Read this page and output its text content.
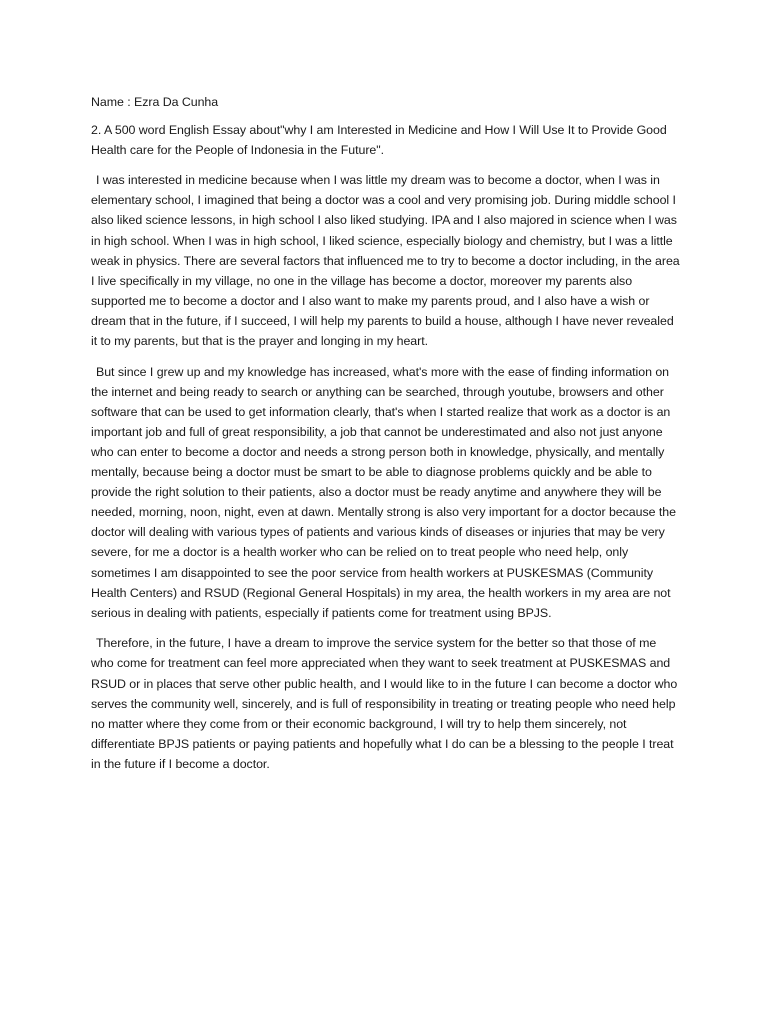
Name : Ezra Da Cunha

2. A 500 word English Essay about"why I am Interested in Medicine and How I Will Use It to Provide Good Health care for the People of Indonesia in the Future".

I was interested in medicine because when I was little my dream was to become a doctor, when I was in elementary school, I imagined that being a doctor was a cool and very promising job. During middle school I also liked science lessons, in high school I also liked studying. IPA and I also majored in science when I was in high school. When I was in high school, I liked science, especially biology and chemistry, but I was a little weak in physics. There are several factors that influenced me to try to become a doctor including, in the area I live specifically in my village, no one in the village has become a doctor, moreover my parents also supported me to become a doctor and I also want to make my parents proud, and I also have a wish or dream that in the future, if I succeed, I will help my parents to build a house, although I have never revealed it to my parents, but that is the prayer and longing in my heart.

But since I grew up and my knowledge has increased, what's more with the ease of finding information on the internet and being ready to search or anything can be searched, through youtube, browsers and other software that can be used to get information clearly, that's when I started realize that work as a doctor is an important job and full of great responsibility, a job that cannot be underestimated and also not just anyone who can enter to become a doctor and needs a strong person both in knowledge, physically, and mentally mentally, because being a doctor must be smart to be able to diagnose problems quickly and be able to provide the right solution to their patients, also a doctor must be ready anytime and anywhere they will be needed, morning, noon, night, even at dawn. Mentally strong is also very important for a doctor because the doctor will dealing with various types of patients and various kinds of diseases or injuries that may be very severe, for me a doctor is a health worker who can be relied on to treat people who need help, only sometimes I am disappointed to see the poor service from health workers at PUSKESMAS (Community Health Centers) and RSUD (Regional General Hospitals) in my area, the health workers in my area are not serious in dealing with patients, especially if patients come for treatment using BPJS.

Therefore, in the future, I have a dream to improve the service system for the better so that those of me who come for treatment can feel more appreciated when they want to seek treatment at PUSKESMAS and RSUD or in places that serve other public health, and I would like to in the future I can become a doctor who serves the community well, sincerely, and is full of responsibility in treating or treating people who need help no matter where they come from or their economic background, I will try to help them sincerely, not differentiate BPJS patients or paying patients and hopefully what I do can be a blessing to the people I treat in the future if I become a doctor.
